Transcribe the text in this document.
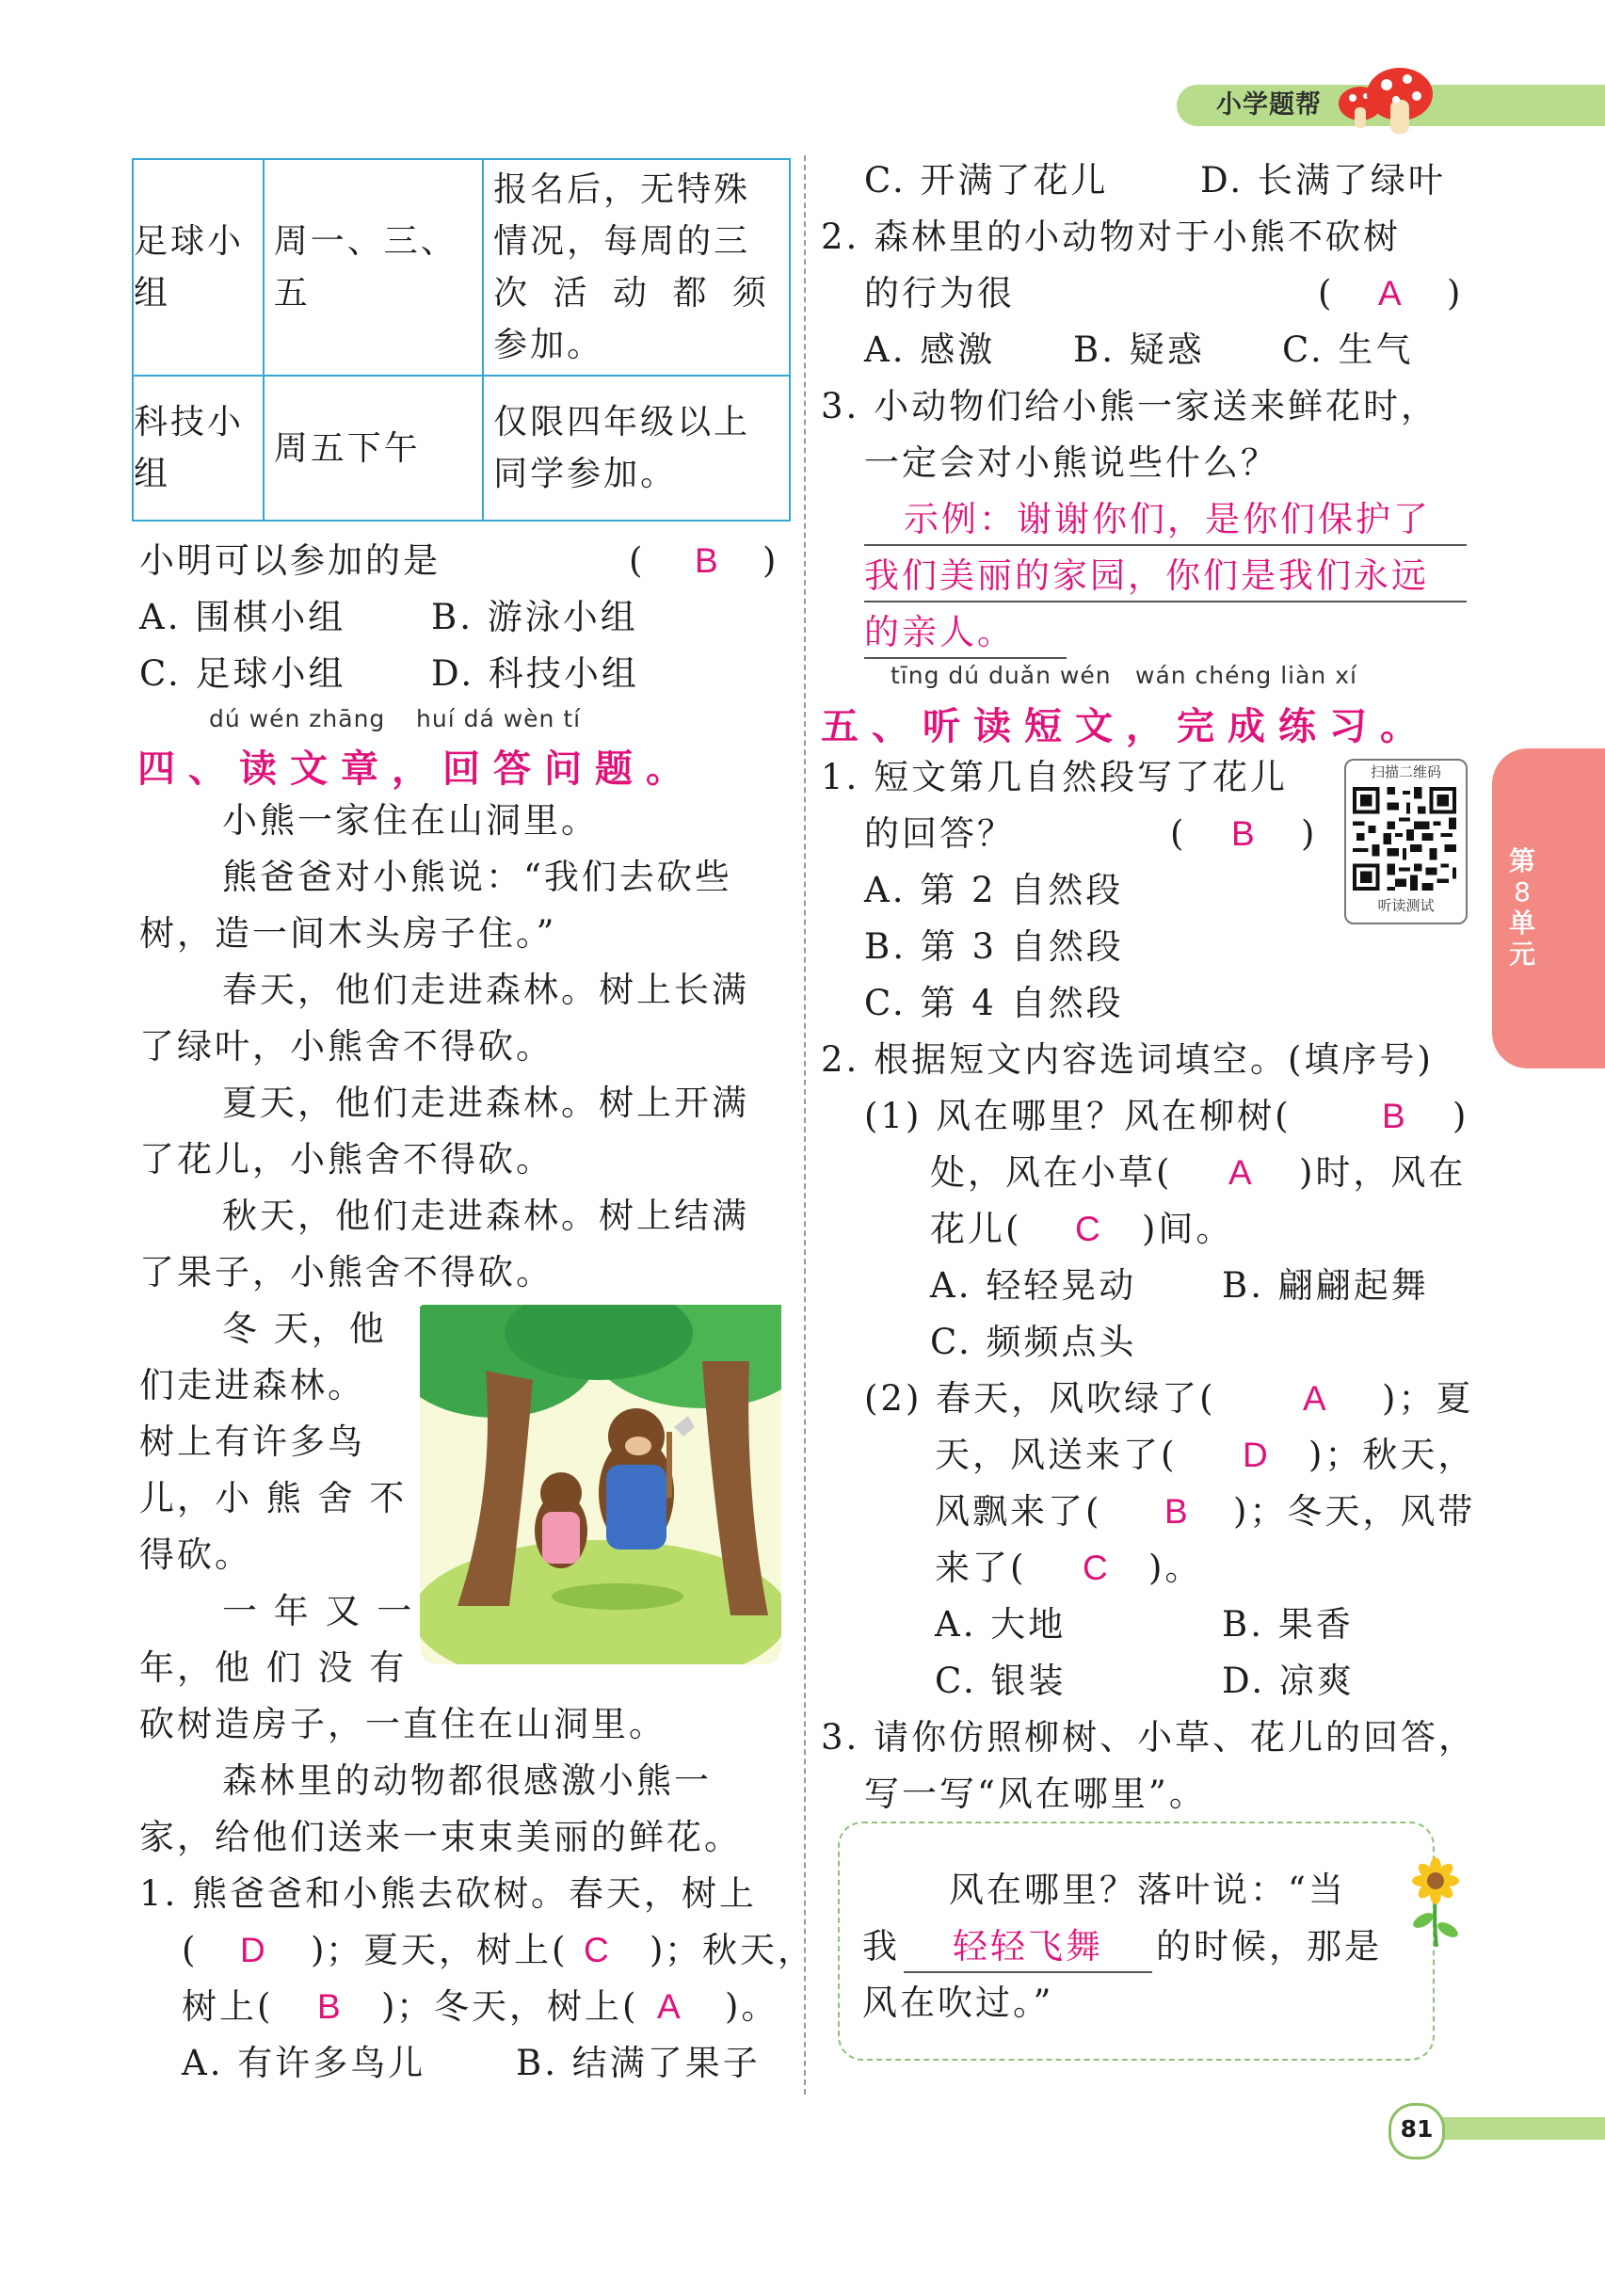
小学题帮
第
8
单元
81
足球小组	周一、三、五	报名后，无特殊
情况，每周的三
次 活 动 都 须
参加。

科技小组	周五下午	仅限四年级以上
同学参加。
小明可以参加的是	( B )
A. 围棋小组 B. 游泳小组
C. 足球小组 D. 科技小组
dú wén zhāng huí dá wèn tí
四、读文章，回答问题。
小熊一家住在山洞里。
熊爸爸对小熊说：“我们去砍些
树，造一间木头房子住。”
春天，他们走进森林。树上长满
了绿叶，小熊舍不得砍。
夏天，他们走进森林。树上开满
了花儿，小熊舍不得砍。
秋天，他们走进森林。树上结满
了果子，小熊舍不得砍。
冬 天，他
们走进森林。
树上有许多鸟
儿，小 熊 舍 不
得砍。
一 年 又 一
年，他 们 没 有
砍树造房子，一直住在山洞里。
森林里的动物都很感激小熊一
家，给他们送来一束束美丽的鲜花。
1. 熊爸爸和小熊去砍树。春天，树上
( D )
；夏天，树上( C )
；秋天，
树上( B )
；冬天，树上( A )。
A. 有许多鸟儿	B. 结满了果子
C. 开满了花儿	D. 长满了绿叶
2. 森林里的小动物对于小熊不砍树
的行为很	( A )
A. 感激 B. 疑惑 C. 生气
3. 小动物们给小熊一家送来鲜花时，
一定会对小熊说些什么？
示例：谢谢你们，是你们保护了
我们美丽的家园，你们是我们永远
的亲人。
tīng dú duǎn wén wán chéng liàn xí
五、听读短文，完成练习。
1. 短文第几自然段写了花儿
的回答？	( B )
A. 第 2 自然段
B. 第 3 自然段
C. 第 4 自然段
扫描二维码
听读测试
2. 根据短文内容选词填空。(填序号)
(1) 风在哪里？风在柳树(	B )
处，风在小草( A )时，风在
花儿( C )间。
A. 轻轻晃动 B. 翩翩起舞
C. 频频点头
(2) 春天，风吹绿了( A )；夏
天，风送来了( D )；秋天，
风飘来了( B )；冬天，风带
来了( C )。
A. 大地	B. 果香
C. 银装	D. 凉爽
3. 请你仿照柳树、小草、花儿的回答，
写一写“风在哪里”。
风在哪里？落叶说：“当
我	轻轻飞舞	的时候，那是
风在吹过。”
